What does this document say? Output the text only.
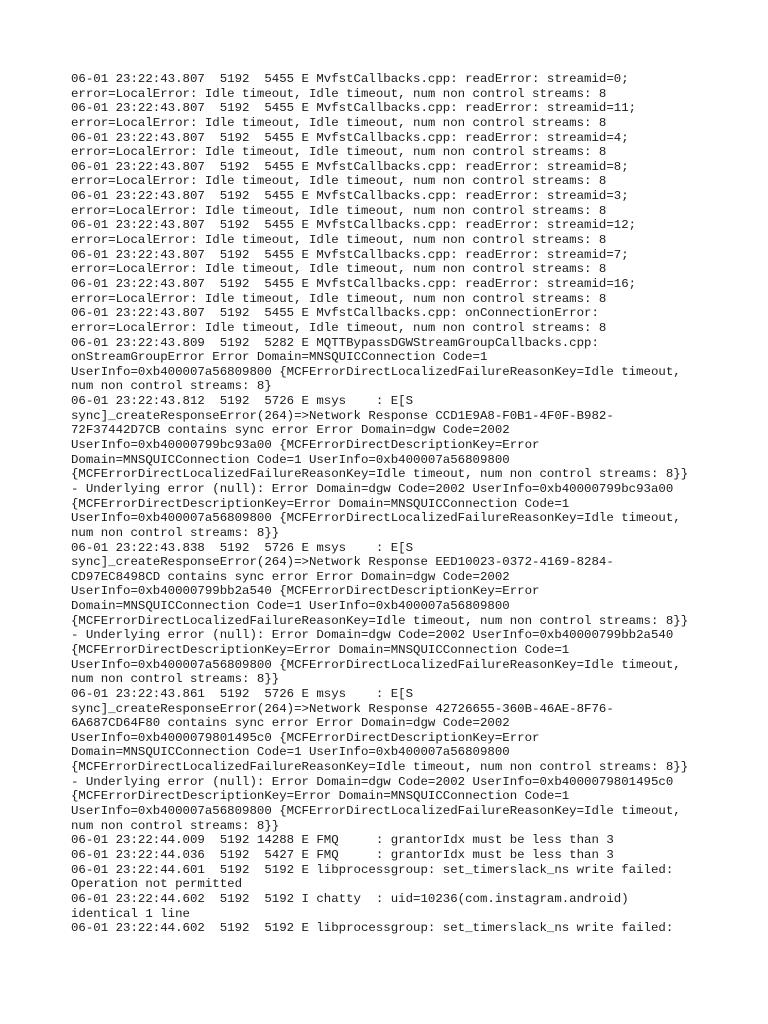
06-01 23:22:43.807  5192  5455 E MvfstCallbacks.cpp: readError: streamid=0;
error=LocalError: Idle timeout, Idle timeout, num non control streams: 8
06-01 23:22:43.807  5192  5455 E MvfstCallbacks.cpp: readError: streamid=11;
error=LocalError: Idle timeout, Idle timeout, num non control streams: 8
06-01 23:22:43.807  5192  5455 E MvfstCallbacks.cpp: readError: streamid=4;
error=LocalError: Idle timeout, Idle timeout, num non control streams: 8
06-01 23:22:43.807  5192  5455 E MvfstCallbacks.cpp: readError: streamid=8;
error=LocalError: Idle timeout, Idle timeout, num non control streams: 8
06-01 23:22:43.807  5192  5455 E MvfstCallbacks.cpp: readError: streamid=3;
error=LocalError: Idle timeout, Idle timeout, num non control streams: 8
06-01 23:22:43.807  5192  5455 E MvfstCallbacks.cpp: readError: streamid=12;
error=LocalError: Idle timeout, Idle timeout, num non control streams: 8
06-01 23:22:43.807  5192  5455 E MvfstCallbacks.cpp: readError: streamid=7;
error=LocalError: Idle timeout, Idle timeout, num non control streams: 8
06-01 23:22:43.807  5192  5455 E MvfstCallbacks.cpp: readError: streamid=16;
error=LocalError: Idle timeout, Idle timeout, num non control streams: 8
06-01 23:22:43.807  5192  5455 E MvfstCallbacks.cpp: onConnectionError:
error=LocalError: Idle timeout, Idle timeout, num non control streams: 8
06-01 23:22:43.809  5192  5282 E MQTTBypassDGWStreamGroupCallbacks.cpp:
onStreamGroupError Error Domain=MNSQUICConnection Code=1
UserInfo=0xb400007a56809800 {MCFErrorDirectLocalizedFailureReasonKey=Idle timeout,
num non control streams: 8}
06-01 23:22:43.812  5192  5726 E msys    : E[S
sync]_createResponseError(264)=>Network Response CCD1E9A8-F0B1-4F0F-B982-
72F37442D7CB contains sync error Error Domain=dgw Code=2002
UserInfo=0xb40000799bc93a00 {MCFErrorDirectDescriptionKey=Error
Domain=MNSQUICConnection Code=1 UserInfo=0xb400007a56809800
{MCFErrorDirectLocalizedFailureReasonKey=Idle timeout, num non control streams: 8}}
- Underlying error (null): Error Domain=dgw Code=2002 UserInfo=0xb40000799bc93a00
{MCFErrorDirectDescriptionKey=Error Domain=MNSQUICConnection Code=1
UserInfo=0xb400007a56809800 {MCFErrorDirectLocalizedFailureReasonKey=Idle timeout,
num non control streams: 8}}
06-01 23:22:43.838  5192  5726 E msys    : E[S
sync]_createResponseError(264)=>Network Response EED10023-0372-4169-8284-
CD97EC8498CD contains sync error Error Domain=dgw Code=2002
UserInfo=0xb40000799bb2a540 {MCFErrorDirectDescriptionKey=Error
Domain=MNSQUICConnection Code=1 UserInfo=0xb400007a56809800
{MCFErrorDirectLocalizedFailureReasonKey=Idle timeout, num non control streams: 8}}
- Underlying error (null): Error Domain=dgw Code=2002 UserInfo=0xb40000799bb2a540
{MCFErrorDirectDescriptionKey=Error Domain=MNSQUICConnection Code=1
UserInfo=0xb400007a56809800 {MCFErrorDirectLocalizedFailureReasonKey=Idle timeout,
num non control streams: 8}}
06-01 23:22:43.861  5192  5726 E msys    : E[S
sync]_createResponseError(264)=>Network Response 42726655-360B-46AE-8F76-
6A687CD64F80 contains sync error Error Domain=dgw Code=2002
UserInfo=0xb4000079801495c0 {MCFErrorDirectDescriptionKey=Error
Domain=MNSQUICConnection Code=1 UserInfo=0xb400007a56809800
{MCFErrorDirectLocalizedFailureReasonKey=Idle timeout, num non control streams: 8}}
- Underlying error (null): Error Domain=dgw Code=2002 UserInfo=0xb4000079801495c0
{MCFErrorDirectDescriptionKey=Error Domain=MNSQUICConnection Code=1
UserInfo=0xb400007a56809800 {MCFErrorDirectLocalizedFailureReasonKey=Idle timeout,
num non control streams: 8}}
06-01 23:22:44.009  5192 14288 E FMQ     : grantorIdx must be less than 3
06-01 23:22:44.036  5192  5427 E FMQ     : grantorIdx must be less than 3
06-01 23:22:44.601  5192  5192 E libprocessgroup: set_timerslack_ns write failed:
Operation not permitted
06-01 23:22:44.602  5192  5192 I chatty  : uid=10236(com.instagram.android)
identical 1 line
06-01 23:22:44.602  5192  5192 E libprocessgroup: set_timerslack_ns write failed:
